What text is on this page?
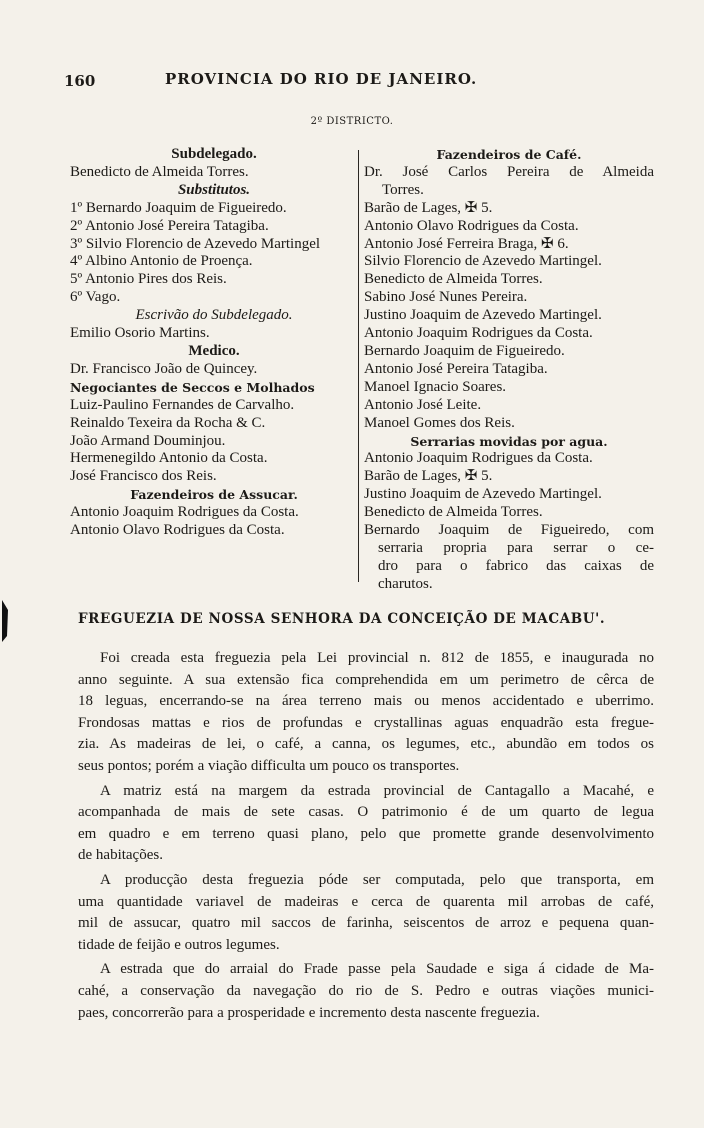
160	PROVINCIA DO RIO DE JANEIRO.
2º DISTRICTO.
Subdelegado.
Benedicto de Almeida Torres.
Substitutos.
1º Bernardo Joaquim de Figueiredo.
2º Antonio José Pereira Tatagiba.
3º Silvio Florencio de Azevedo Martingel
4º Albino Antonio de Proença.
5º Antonio Pires dos Reis.
6º Vago.
Escrivão do Subdelegado.
Emilio Osorio Martins.
Medico.
Dr. Francisco João de Quincey.
Negociantes de Seccos e Molhados
Luiz-Paulino Fernandes de Carvalho.
Reinaldo Texeira da Rocha & C.
João Armand Douminjou.
Hermenegildo Antonio da Costa.
José Francisco dos Reis.
Fazendeiros de Assucar.
Antonio Joaquim Rodrigues da Costa.
Antonio Olavo Rodrigues da Costa.
Fazendeiros de Café.
Dr. José Carlos Pereira de Almeida
Torres.
Barão de Lages, ✠ 5.
Antonio Olavo Rodrigues da Costa.
Antonio José Ferreira Braga, ✠ 6.
Silvio Florencio de Azevedo Martingel.
Benedicto de Almeida Torres.
Sabino José Nunes Pereira.
Justino Joaquim de Azevedo Martingel.
Antonio Joaquim Rodrigues da Costa.
Bernardo Joaquim de Figueiredo.
Antonio José Pereira Tatagiba.
Manoel Ignacio Soares.
Antonio José Leite.
Manoel Gomes dos Reis.
Serrarias movidas por agua.
Antonio Joaquim Rodrigues da Costa.
Barão de Lages, ✠ 5.
Justino Joaquim de Azevedo Martingel.
Benedicto de Almeida Torres.
Bernardo Joaquim de Figueiredo, com
serraria propria para serrar o ce-
dro para o fabrico das caixas de
charutos.
FREGUEZIA DE NOSSA SENHORA DA CONCEIÇÃO DE MACABU'.

Foi creada esta freguezia pela Lei provincial n. 812 de 1855, e inaugurada no
anno seguinte. A sua extensão fica comprehendida em um perimetro de cêrca de
18 leguas, encerrando-se na área terreno mais ou menos accidentado e uberrimo.
Frondosas mattas e rios de profundas e crystallinas aguas enquadrão esta fregue-
zia. As madeiras de lei, o café, a canna, os legumes, etc., abundão em todos os
seus pontos; porém a viação difficulta um pouco os transportes.

A matriz está na margem da estrada provincial de Cantagallo a Macahé, e
acompanhada de mais de sete casas. O patrimonio é de um quarto de legua
em quadro e em terreno quasi plano, pelo que promette grande desenvolvimento
de habitações.

A producção desta freguezia póde ser computada, pelo que transporta, em
uma quantidade variavel de madeiras e cerca de quarenta mil arrobas de café,
mil de assucar, quatro mil saccos de farinha, seiscentos de arroz e pequena quan-
tidade de feijão e outros legumes.

A estrada que do arraial do Frade passe pela Saudade e siga á cidade de Ma-
cahé, a conservação da navegação do rio de S. Pedro e outras viações munici-
paes, concorrerão para a prosperidade e incremento desta nascente freguezia.
